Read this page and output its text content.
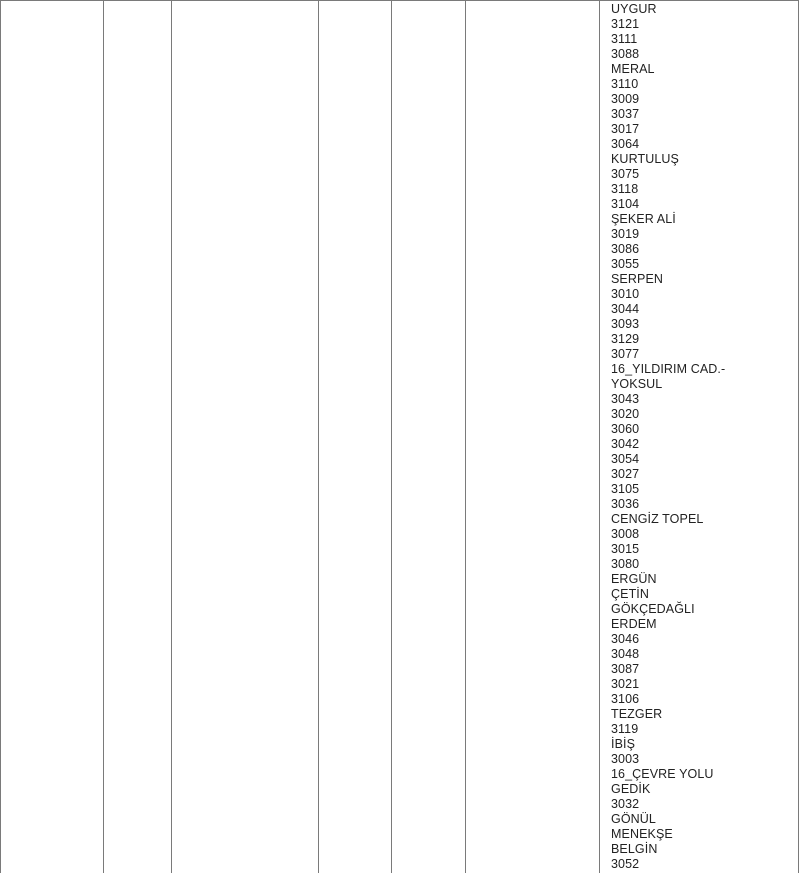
UYGUR
3121
3111
3088
MERAL
3110
3009
3037
3017
3064
KURTULUŞ
3075
3118
3104
ŞEKER ALİ
3019
3086
3055
SERPEN
3010
3044
3093
3129
3077
16_YILDIRIM CAD.-
YOKSUL
3043
3020
3060
3042
3054
3027
3105
3036
CENGİZ TOPEL
3008
3015
3080
ERGÜN
ÇETİN
GÖKÇEDAĞLI
ERDEM
3046
3048
3087
3021
3106
TEZGER
3119
İBİŞ
3003
16_ÇEVRE YOLU
GEDİK
3032
GÖNÜL
MENEKŞE
BELGİN
3052
